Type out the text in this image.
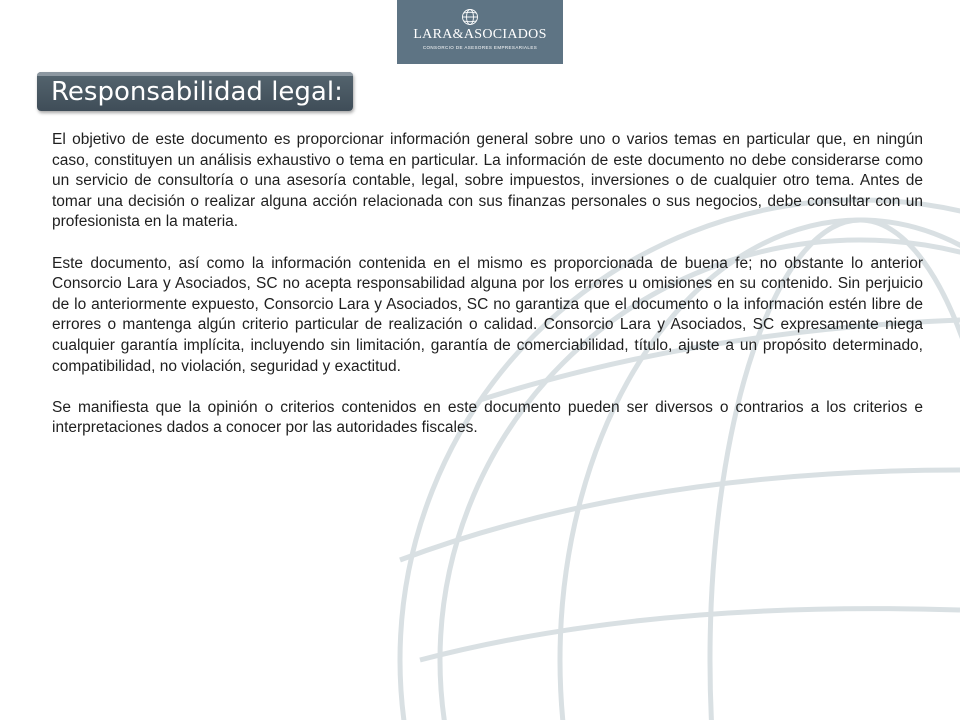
LARA&ASOCIADOS
CONSORCIO DE ASESORES EMPRESARIALES
Responsabilidad legal:

El objetivo de este documento es proporcionar información general sobre uno o varios temas en particular que, en ningún caso, constituyen un análisis exhaustivo o tema en particular. La información de este documento no debe considerarse como un servicio de consultoría o una asesoría contable, legal, sobre impuestos, inversiones o de cualquier otro tema. Antes de tomar una decisión o realizar alguna acción relacionada con sus finanzas personales o sus negocios, debe consultar con un profesionista en la materia.

Este documento, así como la información contenida en el mismo es proporcionada de buena fe; no obstante lo anterior Consorcio Lara y Asociados, SC no acepta responsabilidad alguna por los errores u omisiones en su contenido. Sin perjuicio de lo anteriormente expuesto, Consorcio Lara y Asociados, SC no garantiza que el documento o la información estén libre de errores o mantenga algún criterio particular de realización o calidad. Consorcio Lara y Asociados, SC expresamente niega cualquier garantía implícita, incluyendo sin limitación, garantía de comerciabilidad, título, ajuste a un propósito determinado, compatibilidad, no violación, seguridad y exactitud.

Se manifiesta que la opinión o criterios contenidos en este documento pueden ser diversos o contrarios a los criterios e interpretaciones dados a conocer por las autoridades fiscales.
